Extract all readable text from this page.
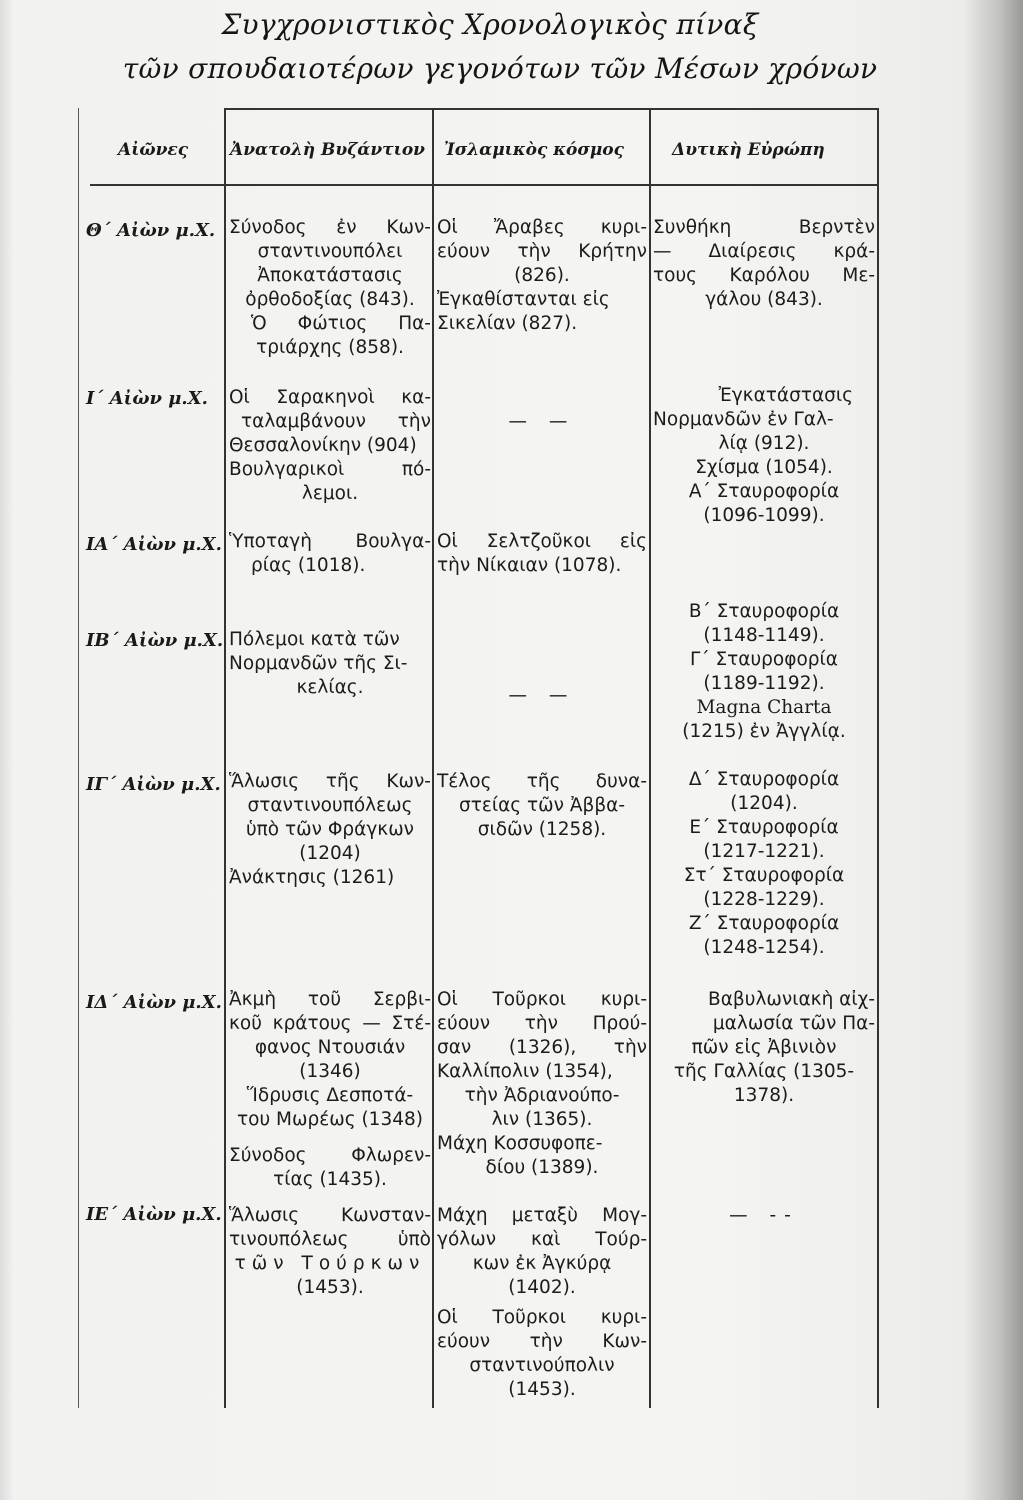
Συγχρονιστικὸς Χρονολογικὸς πίναξ
τῶν σπουδαιοτέρων γεγονότων τῶν Μέσων χρόνων
Αἰῶνες Ἀνατολὴ Βυζάντιον Ἰσλαμικὸς κόσμος	Δυτικὴ Εὐρώπη
Θ΄ Αἰὼν μ.Χ. Σύνοδος ἐν Κων-
σταντινουπόλει
Ἀποκατάστασις
ὀρθοδοξίας (843).
Ὁ Φώτιος Πα-
τριάρχης (858).
Οἱ Ἄραβες κυρι-
εύουν τὴν Κρήτην
(826).
Ἐγκαθίστανται εἰς
Σικελίαν (827).
Συνθήκη Βερντὲν
— Διαίρεσις κρά-
τους Καρόλου Με-
γάλου (843).
Ι΄ Αἰὼν μ.Χ. Οἱ Σαρακηνοὶ κα-
ταλαμβάνουν τὴν
Θεσσαλονίκην (904)
Βουλγαρικοὶ πό-
λεμοι.
— —
Ἐγκατάστασις
Νορμανδῶν ἐν Γαλ-
λίᾳ (912).
Σχίσμα (1054).
Α΄ Σταυροφορία
(1096-1099).
ΙΑ΄ Αἰὼν μ.Χ. Ὑποταγὴ Βουλγα-
ρίας (1018).
Οἱ Σελτζοῦκοι εἰς
τὴν Νίκαιαν (1078).
ΙΒ΄ Αἰὼν μ.Χ. Πόλεμοι κατὰ τῶν
Νορμανδῶν τῆς Σι-
κελίας.	— —
Β΄ Σταυροφορία
(1148-1149).
Γ΄ Σταυροφορία
(1189-1192).
Magna Charta
(1215) ἐν Ἀγγλίᾳ.
ΙΓ΄ Αἰὼν μ.Χ. Ἅλωσις τῆς Κων-
σταντινουπόλεως
ὑπὸ τῶν Φράγκων
(1204)
Ἀνάκτησις (1261)
Τέλος τῆς δυνα-
στείας τῶν Ἀββα-
σιδῶν (1258).
Δ΄ Σταυροφορία
(1204).
Ε΄ Σταυροφορία
(1217-1221).
Στ΄ Σταυροφορία
(1228-1229).
Ζ΄ Σταυροφορία
(1248-1254).
ΙΔ΄ Αἰὼν μ.Χ. Ἀκμὴ τοῦ Σερβι-
κοῦ κράτους — Στέ-
φανος Ντουσιάν
(1346)
Ἵδρυσις Δεσποτά-
του Μωρέως (1348)
Σύνοδος Φλωρεν-
τίας (1435).
Οἱ Τοῦρκοι κυρι-
εύουν τὴν Πρού-
σαν (1326), τὴν
Καλλίπολιν (1354),
τὴν Ἀδριανούπο-
λιν (1365).
Μάχη Κοσσυφοπε-
δίου (1389).
Βαβυλωνιακὴ αἰχ-
μαλωσία τῶν Πα-
πῶν εἰς Ἀβινιὸν
τῆς Γαλλίας (1305-
1378).
ΙΕ΄ Αἰὼν μ.Χ. Ἅλωσις Κωνσταν-
τινουπόλεως ὑπὸ
τῶν Τούρκων
(1453).
Μάχη μεταξὺ Μογ-
γόλων καὶ Τούρ-
κων ἐκ Ἀγκύρᾳ
(1402).
Οἱ Τοῦρκοι κυρι-
εύουν τὴν Κων-
σταντινούπολιν
(1453).
— --
